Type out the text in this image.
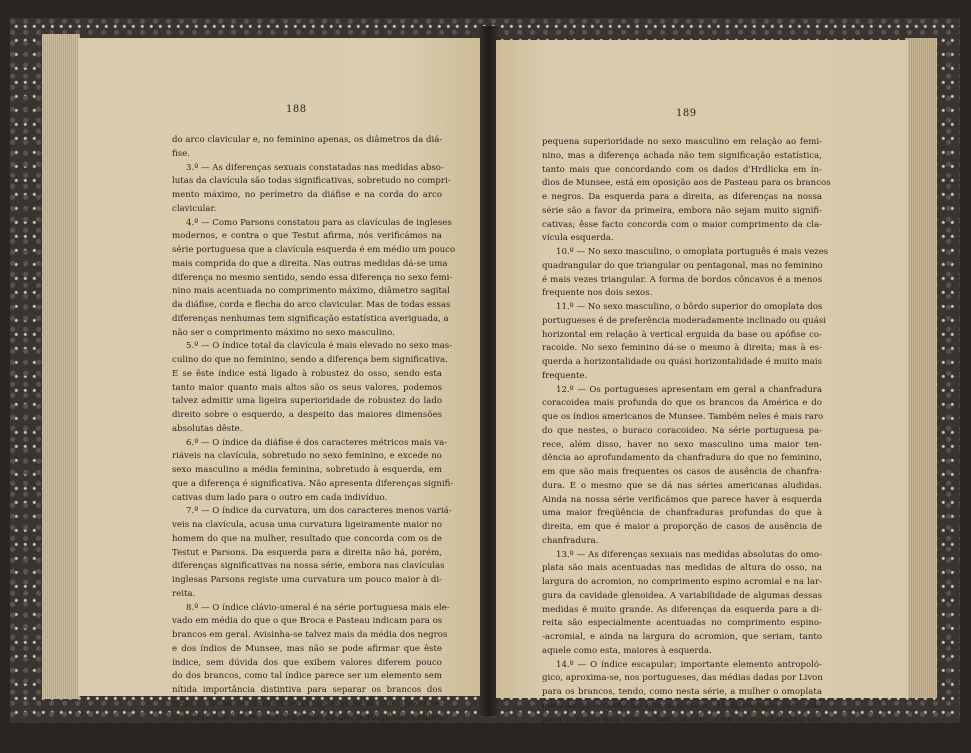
188
do arco clavicular e, no feminino apenas, os diâmetros da diá-
fise.
3.º — As diferenças sexuais constatadas nas medidas abso-
lutas da clavícula são todas significativas, sobretudo no compri-
mento máximo, no perímetro da diáfise e na corda do arco
clavicular.
4.º — Como Parsons constatou para as clavículas de ingleses
modernos, e contra o que Testut afirma, nós verificámos na
série portuguesa que a clavícula esquerda é em médio um pouco
mais comprida do que a direita. Nas outras medidas dá-se uma
diferença no mesmo sentido, sendo essa diferença no sexo femi-
nino mais acentuada no comprimento máximo, diâmetro sagital
da diáfise, corda e flecha do arco clavicular. Mas de todas essas
diferenças nenhumas tem significação estatística averiguada, a
não ser o comprimento máximo no sexo masculino.
5.º — O índice total da clavícula é mais elevado no sexo mas-
culino do que no feminino, sendo a diferença bem significativa.
E se êste índice está ligado à robustez do osso, sendo esta
tanto maior quanto mais altos são os seus valores, podemos
talvez admitir uma ligeira superioridade de robustez do lado
direito sobre o esquerdo, a despeito das maiores dimensões
absolutas dêste.
6.º — O índice da diáfise é dos caracteres métricos mais va-
riáveis na clavícula, sobretudo no sexo feminino, e excede no
sexo masculino a média feminina, sobretudo à esquerda, em
que a diferença é significativa. Não apresenta diferenças signifi-
cativas dum lado para o outro em cada indivíduo.
7.º — O índice da curvatura, um dos caracteres menos variá-
veis na clavícula, acusa uma curvatura ligeiramente maior no
homem do que na mulher, resultado que concorda com os de
Testut e Parsons. Da esquerda para a direita não há, porém,
diferenças significativas na nossa série, embora nas clavículas
inglesas Parsons registe uma curvatura um pouco maior à di-
reita.
8.º — O índice clávio-umeral é na série portuguesa mais ele-
vado em média do que o que Broca e Pasteau indicam para os
brancos em geral. Avisinha-se talvez mais da média dos negros
e dos índios de Munsee, mas não se pode afirmar que êste
índice, sem dúvida dos que exibem valores diferem pouco
do dos brancos, como tal índice parece ser um elemento sem
nítida importância distintiva para separar os brancos dos
negros. O índice clávio-umeral nos esqueletos dos «Jekenne-
dingers» não difere sensivelmente do dos portugueses contem-
porâneos.
9.º — O índice clávio-umeral apresenta nos portugueses uma
189
pequena superioridade no sexo masculino em relação ao femi-
nino, mas a diferença achada não tem significação estatística,
tanto mais que concordando com os dados d'Hrdlicka em ín-
dios de Munsee, está em oposição aos de Pasteau para os brancos
e negros. Da esquerda para a direita, as diferenças na nossa
série são a favor da primeira, embora não sejam muito signifi-
cativas; êsse facto concorda com o maior comprimento da cla-
vícula esquerda.
10.º — No sexo masculino, o omoplata português é mais vezes
quadrangular do que triangular ou pentagonal, mas no feminino
é mais vezes triangular. A forma de bordos côncavos é a menos
frequente nos dois sexos.
11.º — No sexo masculino, o bôrdo superior do omoplata dos
portugueses é de preferência moderadamente inclinado ou quási
horizontal em relação à vertical erguida da base ou apófise co-
racoide. No sexo feminino dá-se o mesmo à direita; mas à es-
querda a horizontalidade ou quási horizontalidade é muito mais
frequente.
12.º — Os portugueses apresentam em geral a chanfradura
coracoidea mais profunda do que os brancos da América e do
que os índios americanos de Munsee. Também neles é mais raro
do que nestes, o buraco coracoideo. Na série portuguesa pa-
rece, além disso, haver no sexo masculino uma maior ten-
dência ao aprofundamento da chanfradura do que no feminino,
em que são mais frequentes os casos de ausência de chanfra-
dura. E o mesmo que se dá nas séries americanas aludidas.
Ainda na nossa série verificámos que parece haver à esquerda
uma maior freqüência de chanfraduras profundas do que à
direita, em que é maior a proporção de casos de ausência de
chanfradura.
13.º — As diferenças sexuais nas medidas absolutas do omo-
plata são mais acentuadas nas medidas de altura do osso, na
largura do acromion, no comprimento espino acromial e na lar-
gura da cavidade glenoidea. A variabilidade de algumas dessas
medidas é muito grande. As diferenças da esquerda para a di-
reita são especialmente acentuadas no comprimento espino-
-acromial, e ainda na largura do acromion, que seriam, tanto
aquele como esta, maiores à esquerda.
14.º — O índice escapular; importante elemento antropoló-
gico, aproxima-se, nos portugueses, das médias dadas por Livon
para os brancos, tendo, como nesta série, a mulher o omoplata
mais largo e curto do que o homem. As diferenças dum lado
para o outro não concordam, porém, com as constatadas por
Livon: não são significativas.
